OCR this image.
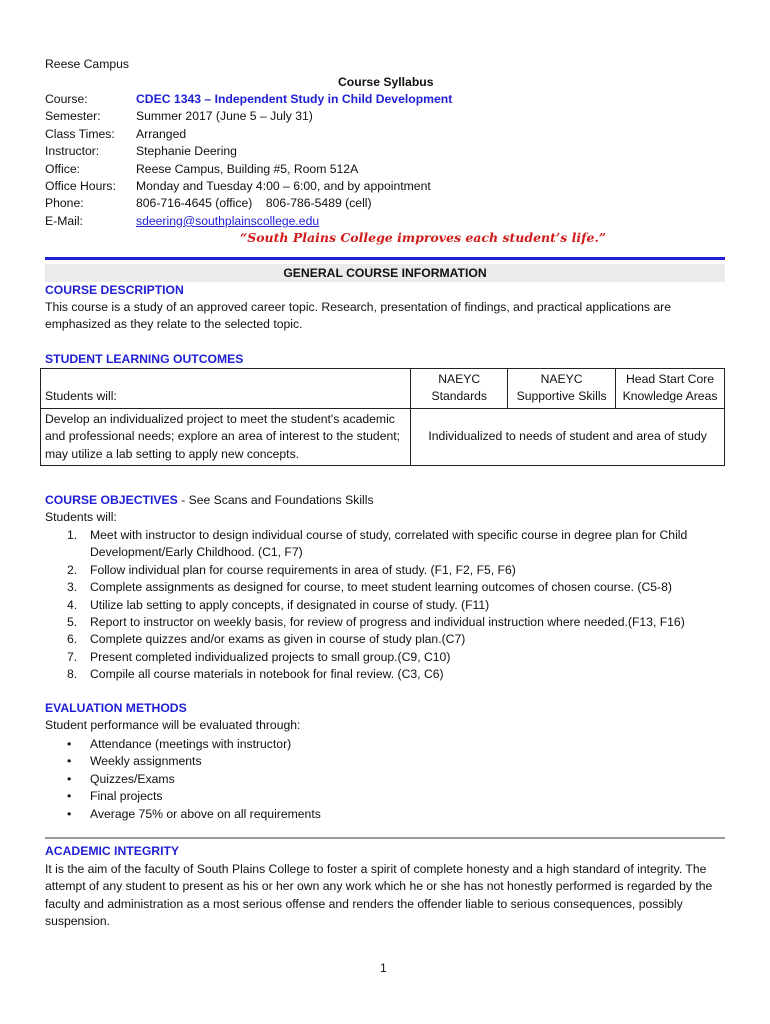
Reese Campus
Course Syllabus
Course:	CDEC 1343 – Independent Study in Child Development
Semester:	Summer 2017 (June 5 – July 31)
Class Times:	Arranged
Instructor:	Stephanie Deering
Office:	Reese Campus, Building #5, Room 512A
Office Hours:	Monday and Tuesday 4:00 – 6:00, and by appointment
Phone:	806-716-4645 (office)    806-786-5489 (cell)
E-Mail:	sdeering@southplainscollege.edu
“South Plains College improves each student’s life.”
GENERAL COURSE INFORMATION
COURSE DESCRIPTION
This course is a study of an approved career topic. Research, presentation of findings, and practical applications are emphasized as they relate to the selected topic.
STUDENT LEARNING OUTCOMES
Students will:	NAEYC Standards	NAEYC Supportive Skills	Head Start Core Knowledge Areas
Develop an individualized project to meet the student's academic and professional needs; explore an area of interest to the student; may utilize a lab setting to apply new concepts.	Individualized to needs of student and area of study		
COURSE OBJECTIVES - See Scans and Foundations Skills
Students will:
1.	Meet with instructor to design individual course of study, correlated with specific course in degree plan for Child Development/Early Childhood. (C1, F7)
2.	Follow individual plan for course requirements in area of study. (F1, F2, F5, F6)
3.	Complete assignments as designed for course, to meet student learning outcomes of chosen course. (C5-8)
4.	Utilize lab setting to apply concepts, if designated in course of study. (F11)
5.	Report to instructor on weekly basis, for review of progress and individual instruction where needed.(F13, F16)
6.	Complete quizzes and/or exams as given in course of study plan.(C7)
7.	Present completed individualized projects to small group.(C9, C10)
8.	Compile all course materials in notebook for final review. (C3, C6)
EVALUATION METHODS
Student performance will be evaluated through:
• Attendance (meetings with instructor)
• Weekly assignments
• Quizzes/Exams
• Final projects
• Average 75% or above on all requirements
ACADEMIC INTEGRITY
It is the aim of the faculty of South Plains College to foster a spirit of complete honesty and a high standard of integrity. The attempt of any student to present as his or her own any work which he or she has not honestly performed is regarded by the faculty and administration as a most serious offense and renders the offender liable to serious consequences, possibly suspension.
1
